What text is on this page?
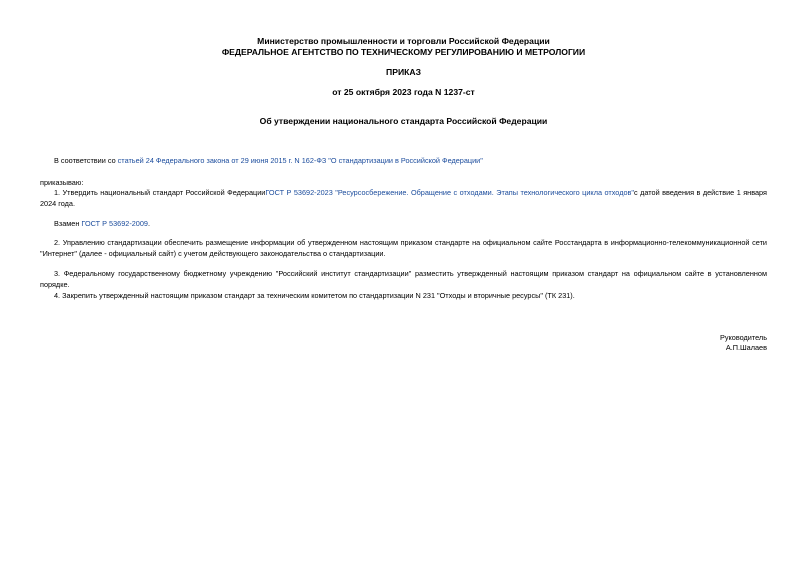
Министерство промышленности и торговли Российской Федерации
ФЕДЕРАЛЬНОЕ АГЕНТСТВО ПО ТЕХНИЧЕСКОМУ РЕГУЛИРОВАНИЮ И МЕТРОЛОГИИ
ПРИКАЗ
от 25 октября 2023 года N 1237-ст
Об утверждении национального стандарта Российской Федерации
В соответствии со статьей 24 Федерального закона от 29 июня 2015 г. N 162-ФЗ "О стандартизации в Российской Федерации"
приказываю:
1. Утвердить национальный стандарт Российской ФедерацииГОСТ Р 53692-2023 "Ресурсосбережение. Обращение с отходами. Этапы технологического цикла отходов"с датой введения в действие 1 января 2024 года.
Взамен ГОСТ Р 53692-2009.
2. Управлению стандартизации обеспечить размещение информации об утвержденном настоящим приказом стандарте на официальном сайте Росстандарта в информационно-телекоммуникационной сети "Интернет" (далее - официальный сайт) с учетом действующего законодательства о стандартизации.
3. Федеральному государственному бюджетному учреждению "Российский институт стандартизации" разместить утвержденный настоящим приказом стандарт на официальном сайте в установленном порядке.
4. Закрепить утвержденный настоящим приказом стандарт за техническим комитетом по стандартизации N 231 "Отходы и вторичные ресурсы" (ТК 231).
Руководитель
А.П.Шалаев
